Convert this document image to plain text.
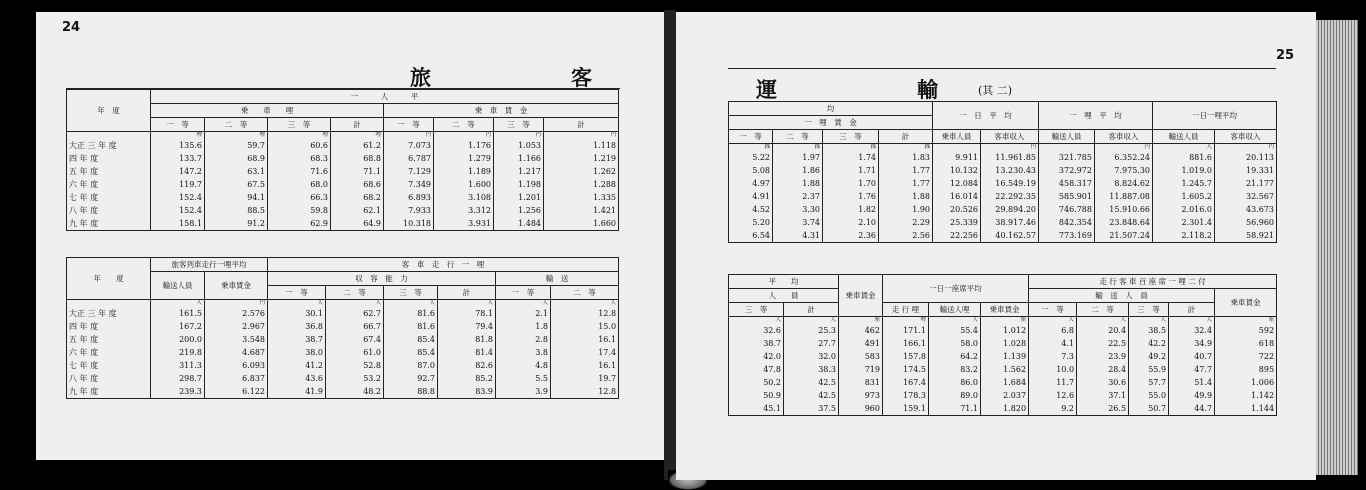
24
旅　　　　　　客
年　度	一　　　人　　　平							
	乗　　車　　哩				乗　車　賃　金			
	一　等	二　等	三　等	計	一　等	二　等	三　等	計
	哩	哩	哩	哩	円	円	円	円
大正 三 年 度	135.6	59.7	60.6	61.2	7.073	1.176	1.053	1.118
四 年 度	133.7	68.9	68.3	68.8	6.787	1.279	1.166	1.219
五 年 度	147.2	63.1	71.6	71.1	7.129	1.189	1.217	1.262
六 年 度	119.7	67.5	68.0	68.6	7.349	1.600	1.198	1.288
七 年 度	152.4	94.1	66.3	68.2	6.893	3.108	1.201	1.335
八 年 度	152.4	88.5	59.8	62.1	7.933	3.312	1.256	1.421
九 年 度	158.1	91.2	62.9	64.9	10.318	3.931	1.484	1.660
年　　度	旅客列車走行一哩平均		客　車　走　行　一　哩					
	輸送人員	乗車賃金	収　容　能　力				輸　送	
			一　等	二　等	三　等	計	一　等	二　等
	人	円	人	人	人	人	人	人
大正 三 年 度	161.5	2.576	30.1	62.7	81.6	78.1	2.1	12.8
四 年 度	167.2	2.967	36.8	66.7	81.6	79.4	1.8	15.0
五 年 度	200.0	3.548	38.7	67.4	85.4	81.8	2.8	16.1
六 年 度	219.8	4.687	38.0	61.0	85.4	81.4	3.8	17.4
七 年 度	311.3	6.093	41.2	52.8	87.0	82.6	4.8	16.1
八 年 度	298.7	6.837	43.6	53.2	92.7	85.2	5.5	19.7
九 年 度	239.3	6.122	41.9	48.2	88.8	83.9	3.9	12.8
25
運　　　　　　輸	(其 二)
均				一　日　平　均		一　哩　平　均		一日一哩平均	
一　哩　賃　金									
一　等	二　等	三　等	計	乗車人員	客車収入	輸送人員	客車収入	輸送人員	客車収入
銭	銭	銭	銭		円		円	人	円
5.22	1.97	1.74	1.83	9.911	11.961.85	321.785	6.352.24	881.6	20.113
5.08	1.86	1.71	1.77	10.132	13.230.43	372.972	7.975.30	1.019.0	19.331
4.97	1.88	1.70	1.77	12.084	16.549.19	458.317	8.824.62	1.245.7	21.177
4.91	2.37	1.76	1.88	16.014	22.292.35	585.901	11.887.08	1.605.2	32.567
4.52	3.30	1.82	1.90	20.526	29.894.20	746.788	15.910.66	2.016.0	43.673
5.20	3.74	2.10	2.29	25.339	38.917.46	842.354	23.848.64	2.301.4	56.960
6.54	4.31	2.36	2.56	22.256	40.162.57	773.169	21.507.24	2.118.2	58.921
平　　均		乗車賃金	一日一座席平均			走 行 客 車 百 座 席 一 哩 二 付				
人　　員						輸　送　人　員				乗車賃金
三　等	計		走 行 哩	輸送人哩	乗車賃金	一　等	二　等	三　等	計	
人	人	厘	哩	人	厘	人	人	人	人	厘
32.6	25.3	462	171.1	55.4	1.012	6.8	20.4	38.5	32.4	592
38.7	27.7	491	166.1	58.0	1.028	4.1	22.5	42.2	34.9	618
42.0	32.0	583	157.8	64.2	1.139	7.3	23.9	49.2	40.7	722
47.8	38.3	719	174.5	83.2	1.562	10.0	28.4	55.9	47.7	895
50.2	42.5	831	167.4	86.0	1.684	11.7	30.6	57.7	51.4	1.006
50.9	42.5	973	178.3	89.0	2.037	12.6	37.1	55.0	49.9	1.142
45.1	37.5	960	159.1	71.1	1.820	9.2	26.5	50.7	44.7	1.144
